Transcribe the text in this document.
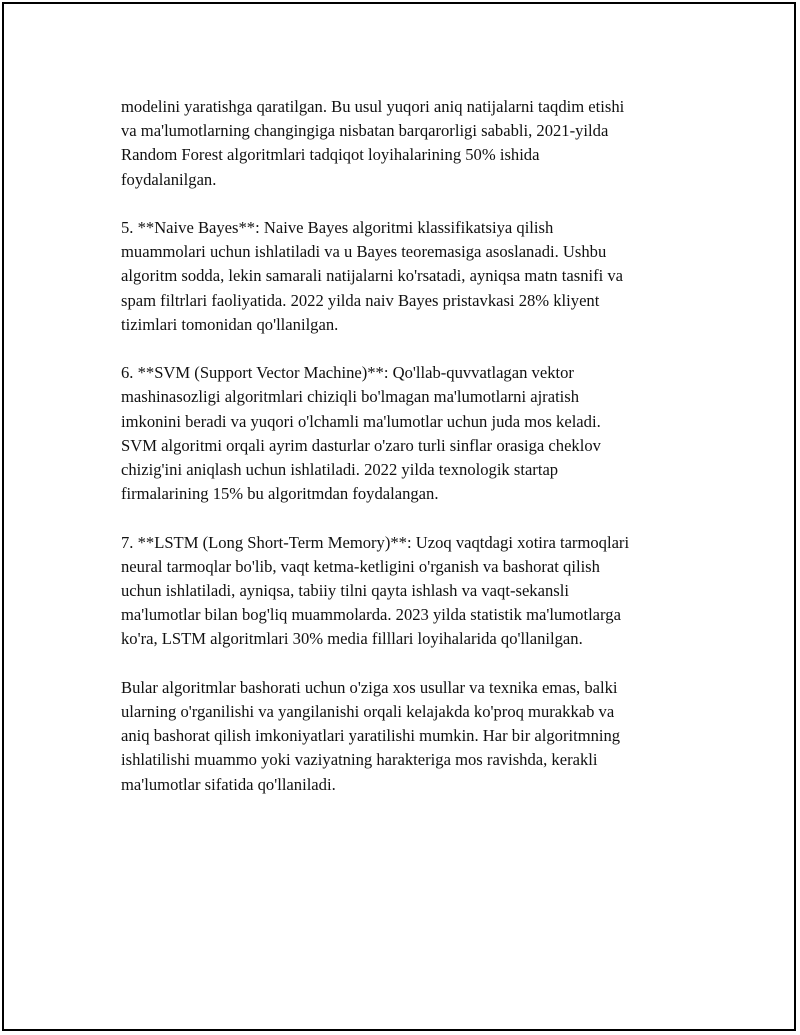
modelini yaratishga qaratilgan. Bu usul yuqori aniq natijalarni taqdim etishi
va ma'lumotlarning changingiga nisbatan barqarorligi sababli, 2021-yilda
Random Forest algoritmlari tadqiqot loyihalarining 50% ishida
foydalanilgan.

5. **Naive Bayes**: Naive Bayes algoritmi klassifikatsiya qilish
muammolari uchun ishlatiladi va u Bayes teoremasiga asoslanadi. Ushbu
algoritm sodda, lekin samarali natijalarni ko'rsatadi, ayniqsa matn tasnifi va
spam filtrlari faoliyatida. 2022 yilda naiv Bayes pristavkasi 28% kliyent
tizimlari tomonidan qo'llanilgan.

6. **SVM (Support Vector Machine)**: Qo'llab-quvvatlagan vektor
mashinasozligi algoritmlari chiziqli bo'lmagan ma'lumotlarni ajratish
imkonini beradi va yuqori o'lchamli ma'lumotlar uchun juda mos keladi.
SVM algoritmi orqali ayrim dasturlar o'zaro turli sinflar orasiga cheklov
chizig'ini aniqlash uchun ishlatiladi. 2022 yilda texnologik startap
firmalarining 15% bu algoritmdan foydalangan.

7. **LSTM (Long Short-Term Memory)**: Uzoq vaqtdagi xotira tarmoqlari
neural tarmoqlar bo'lib, vaqt ketma-ketligini o'rganish va bashorat qilish
uchun ishlatiladi, ayniqsa, tabiiy tilni qayta ishlash va vaqt-sekansli
ma'lumotlar bilan bog'liq muammolarda. 2023 yilda statistik ma'lumotlarga
ko'ra, LSTM algoritmlari 30% media filllari loyihalarida qo'llanilgan.

Bular algoritmlar bashorati uchun o'ziga xos usullar va texnika emas, balki
ularning o'rganilishi va yangilanishi orqali kelajakda ko'proq murakkab va
aniq bashorat qilish imkoniyatlari yaratilishi mumkin. Har bir algoritmning
ishlatilishi muammo yoki vaziyatning harakteriga mos ravishda, kerakli
ma'lumotlar sifatida qo'llaniladi.
